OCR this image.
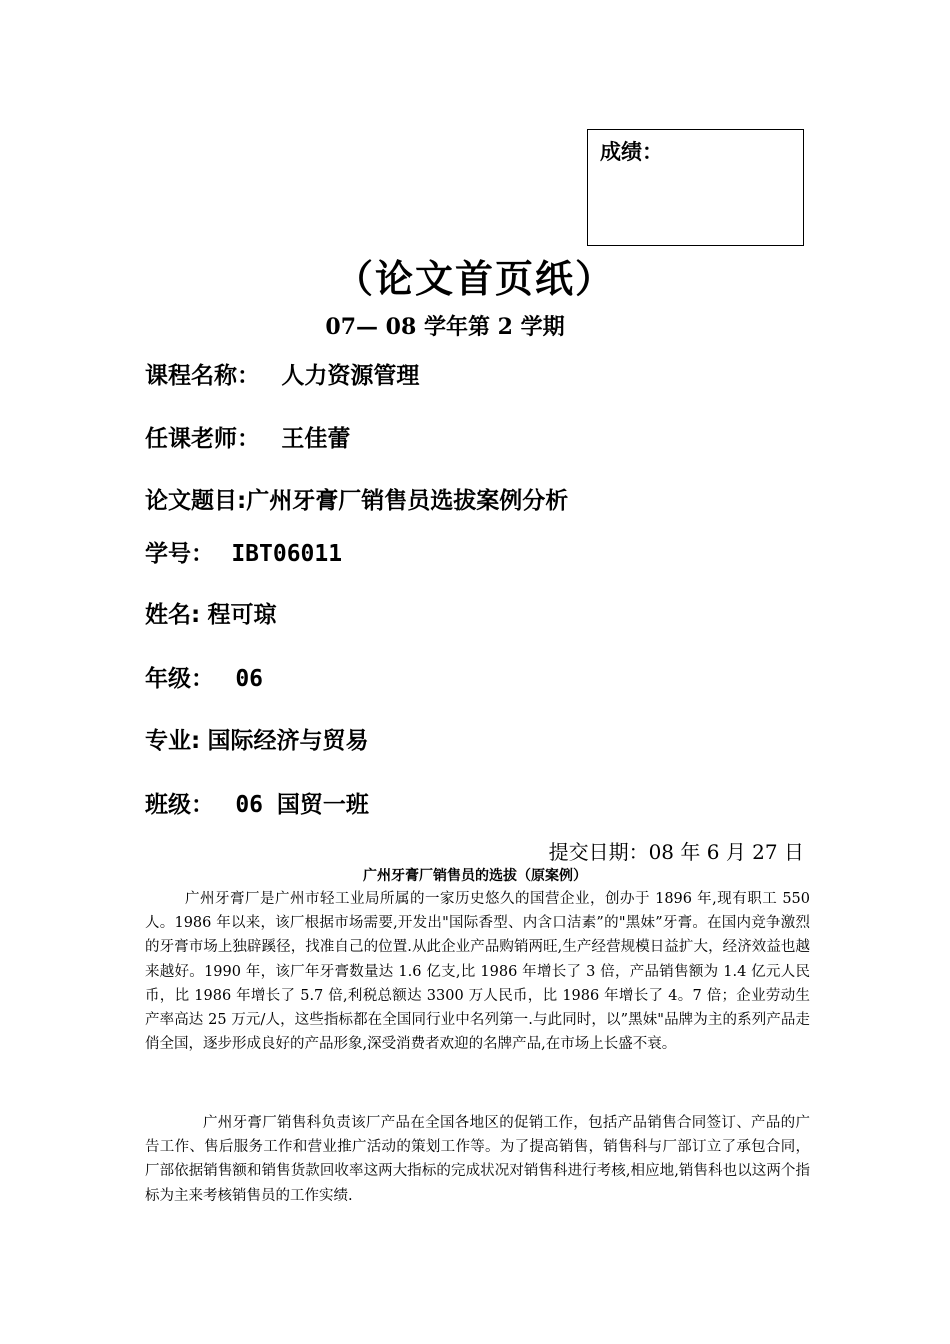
成绩：
（论文首页纸）
07— 08 学年第 2 学期
课程名称： 人力资源管理
任课老师： 王佳蕾
论文题目:广州牙膏厂销售员选拔案例分析
学号： IBT06011
姓名: 程可琼
年级： 06
专业: 国际经济与贸易
班级： 06 国贸一班
提交日期：08 年 6 月 27 日
广州牙膏厂销售员的选拔（原案例）

广州牙膏厂是广州市轻工业局所属的一家历史悠久的国营企业，创办于 1896 年,现有职工 550 人。1986 年以来，该厂根据市场需要,开发出"国际香型、内含口洁素”的"黑妹”牙膏。在国内竞争激烈的牙膏市场上独辟蹊径，找准自己的位置.从此企业产品购销两旺,生产经营规模日益扩大，经济效益也越来越好。1990 年，该厂年牙膏数量达 1.6 亿支,比 1986 年增长了 3 倍，产品销售额为 1.4 亿元人民币，比 1986 年增长了 5.7 倍,利税总额达 3300 万人民币，比 1986 年增长了 4。7 倍；企业劳动生产率高达 25 万元/人，这些指标都在全国同行业中名列第一.与此同时，以”黑妹"品牌为主的系列产品走俏全国，逐步形成良好的产品形象,深受消费者欢迎的名牌产品,在市场上长盛不衰。

广州牙膏厂销售科负责该厂产品在全国各地区的促销工作，包括产品销售合同签订、产品的广告工作、售后服务工作和营业推广活动的策划工作等。为了提高销售，销售科与厂部订立了承包合同，厂部依据销售额和销售货款回收率这两大指标的完成状况对销售科进行考核,相应地,销售科也以这两个指标为主来考核销售员的工作实绩.
